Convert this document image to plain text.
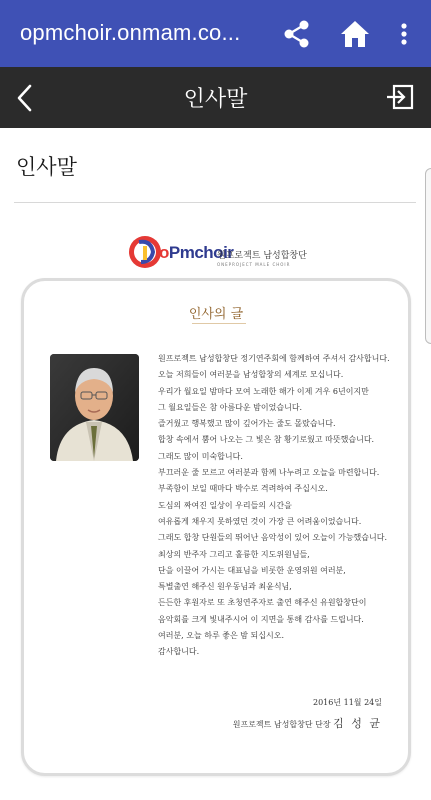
opmchoir.onmam.co...
인사말
인사말
oPmchoir
원프로젝트 남성합창단
ONEPROJECT MALE CHOIR
인사의 글
원프로젝트 남성합창단 정기연주회에 함께하여 주셔서 감사합니다.
오늘 저희들이 여러분을 남성합창의 세계로 모십니다.
우리가 월요일 밤마다 모여 노래한 해가 이제 겨우 6년이지만
그 월요일들은 참 아름다운 밤이었습니다.
즐거웠고 행복했고 많이 깊어가는 줄도 몰랐습니다.
합창 속에서 뿜어 나오는 그 빛은 참 황기로웠고 따뜻했습니다.
그래도 많이 미숙합니다.
부끄러운 줄 모르고 여러분과 함께 나누려고 오늘을 마련합니다.
부족함이 보일 때마다 박수로 격려하여 주십시오.
도심의 짜여진 일상이 우리들의 시간을
여유롭게 채우지 못하였던 것이 가장 큰 어려움이었습니다.
그래도 합창 단원들의 뛰어난 음악성이 있어 오늘이 가능했습니다.
최상의 반주자 그리고 훌륭한 지도위원님들,
단을 이끌어 가시는 대표님을 비롯한 운영위원 여러분,
특별출연 해주신 원우동님과 최윤식님,
든든한 후원자로 또 초청연주자로 출연 해주신 유원합창단이
음악회를 크게 빛내주시어 이 지면을 통해 감사를 드립니다.
여러분, 오늘 하루 좋은 밤 되십시오.
감사합니다.
2016년 11월 24일
원프로젝트 남성합창단 단장 김 성 균
